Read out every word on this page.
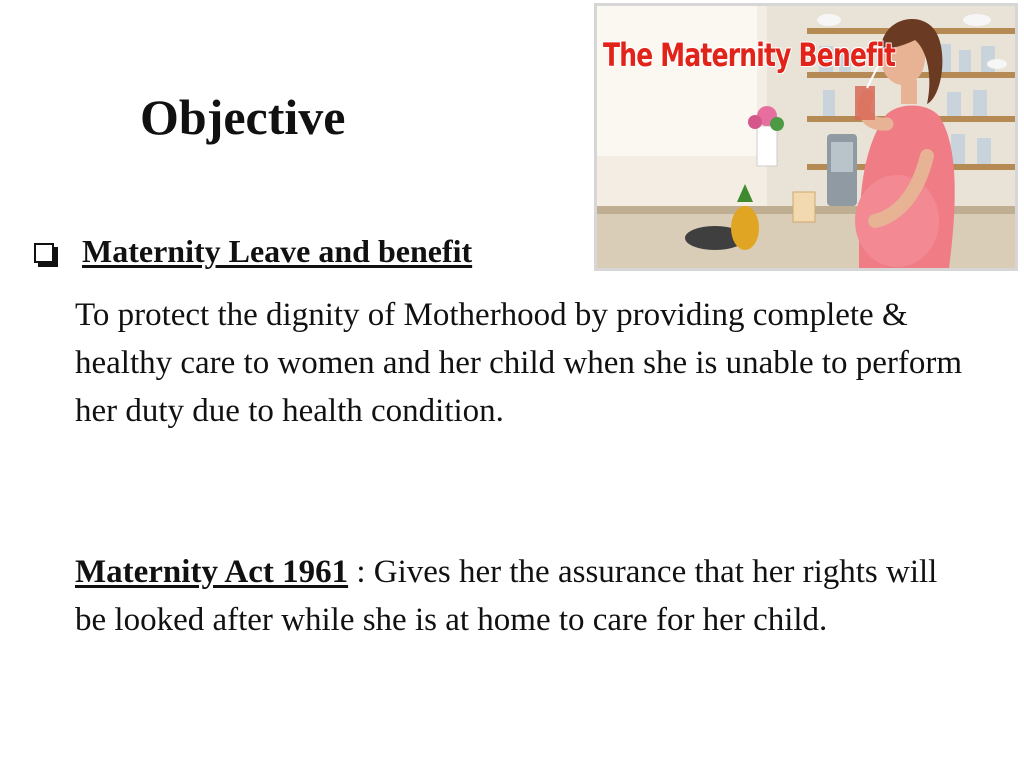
Objective
The Maternity Benefit
Maternity Leave and benefit
To protect the dignity of Motherhood by providing complete & healthy care to women and her child when she is unable to perform her duty due to health condition.
Maternity Act 1961 : Gives her the assurance that her rights will be looked after while she is at home to care for her child.
